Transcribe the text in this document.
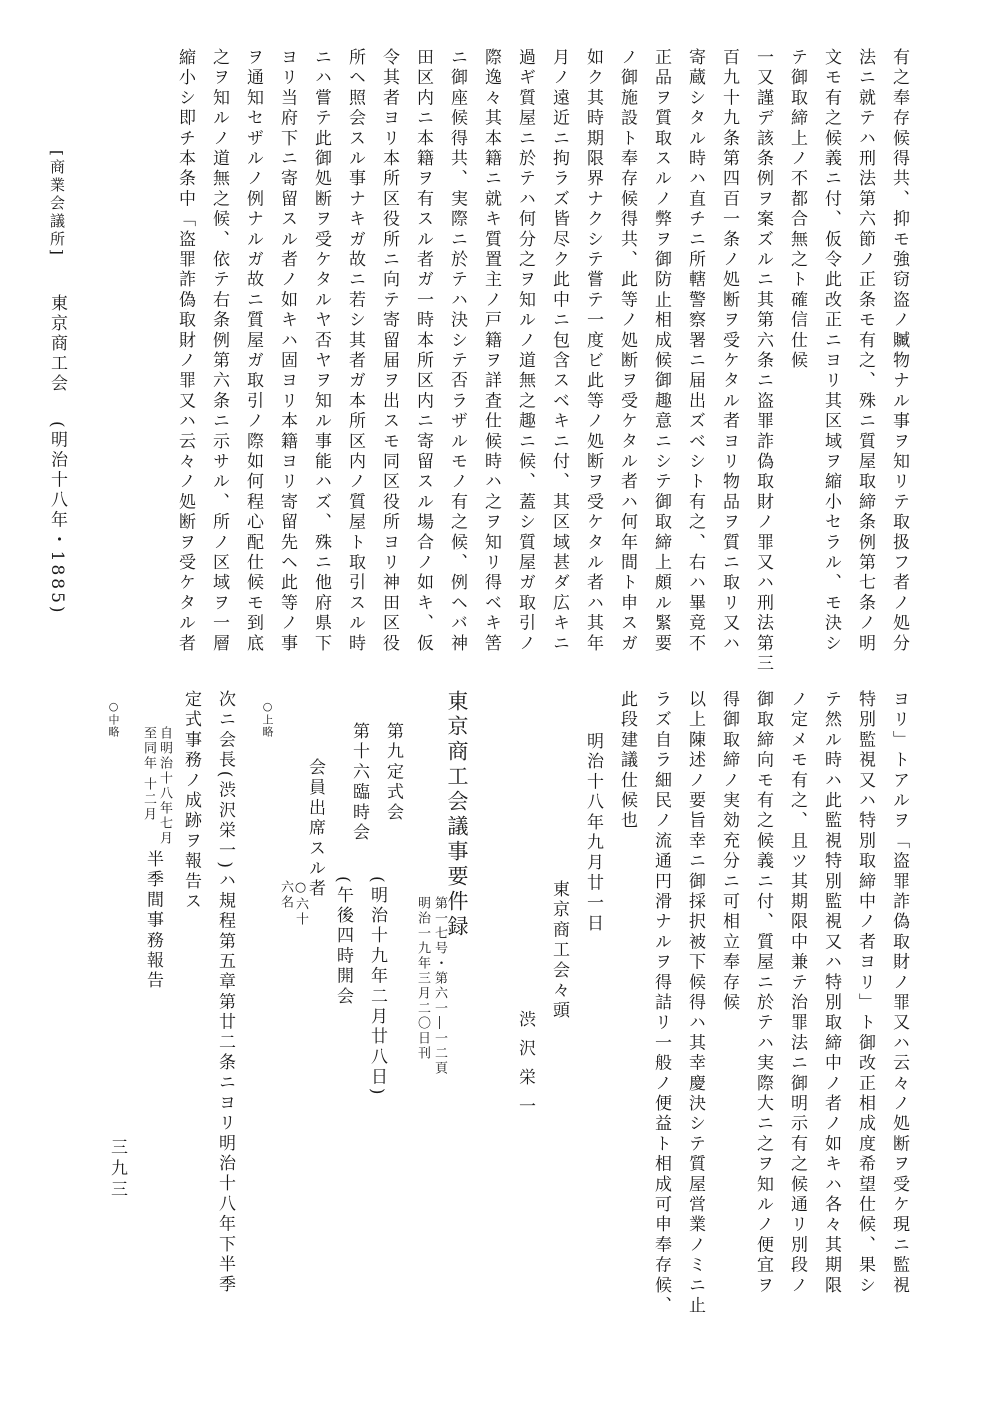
三九三
[商業会議所] 東京商工会 (明治十八年・1885)	有之奉存候得共、抑モ強窃盗ノ贓物ナル事ヲ知リテ取扱フ者ノ処分
法ニ就テハ刑法第六節ノ正条モ有之、殊ニ質屋取締条例第七条ノ明
文モ有之候義ニ付、仮令此改正ニヨリ其区域ヲ縮小セラル、モ決シ
テ御取締上ノ不都合無之ト確信仕候
一又謹デ該条例ヲ案ズルニ其第六条ニ盗罪詐偽取財ノ罪又ハ刑法第三
百九十九条第四百一条ノ処断ヲ受ケタル者ヨリ物品ヲ質ニ取リ又ハ
寄蔵シタル時ハ直チニ所轄警察署ニ届出ズベシト有之、右ハ畢竟不
正品ヲ質取スルノ弊ヲ御防止相成候御趣意ニシテ御取締上頗ル緊要
ノ御施設ト奉存候得共、此等ノ処断ヲ受ケタル者ハ何年間ト申スガ
如ク其時期限界ナクシテ嘗テ一度ビ此等ノ処断ヲ受ケタル者ハ其年
月ノ遠近ニ拘ラズ皆尽ク此中ニ包含スベキニ付、其区域甚ダ広キニ
過ギ質屋ニ於テハ何分之ヲ知ルノ道無之趣ニ候、蓋シ質屋ガ取引ノ
際逸々其本籍ニ就キ質置主ノ戸籍ヲ詳査仕候時ハ之ヲ知リ得ベキ筈
ニ御座候得共、実際ニ於テハ決シテ否ラザルモノ有之候、例ヘバ神
田区内ニ本籍ヲ有スル者ガ一時本所区内ニ寄留スル場合ノ如キ、仮
令其者ヨリ本所区役所ニ向テ寄留届ヲ出スモ同区役所ヨリ神田区役
所ヘ照会スル事ナキガ故ニ若シ其者ガ本所区内ノ質屋ト取引スル時
ニハ嘗テ此御処断ヲ受ケタルヤ否ヤヲ知ル事能ハズ、殊ニ他府県下
ヨリ当府下ニ寄留スル者ノ如キハ固ヨリ本籍ヨリ寄留先ヘ此等ノ事
ヲ通知セザルノ例ナルガ故ニ質屋ガ取引ノ際如何程心配仕候モ到底
之ヲ知ルノ道無之候、依テ右条例第六条ニ示サル、所ノ区域ヲ一層
縮小シ即チ本条中「盗罪詐偽取財ノ罪又ハ云々ノ処断ヲ受ケタル者
ヨリ」トアルヲ「盗罪詐偽取財ノ罪又ハ云々ノ処断ヲ受ケ現ニ監視
特別監視又ハ特別取締中ノ者ヨリ」ト御改正相成度希望仕候、果シ
テ然ル時ハ此監視特別監視又ハ特別取締中ノ者ノ如キハ各々其期限
ノ定メモ有之、且ツ其期限中兼テ治罪法ニ御明示有之候通リ別段ノ
御取締向モ有之候義ニ付、質屋ニ於テハ実際大ニ之ヲ知ルノ便宜ヲ
得御取締ノ実効充分ニ可相立奉存候
以上陳述ノ要旨幸ニ御採択被下候得ハ其幸慶決シテ質屋営業ノミニ止
ラズ自ラ細民ノ流通円滑ナルヲ得詰リ一般ノ便益ト相成可申奉存候、
此段建議仕候也
明治十八年九月廿一日
東京商工会々頭
渋沢栄一
東京商工会議事要件録
第一七号・第六一―一二頁
明治一九年三月二〇日刊
第九定式会
(明治十九年二月廿八日)
第十六臨時会
(午後四時開会
会員出席スル者
○六十
六名
○上略
次ニ会長(渋沢栄一)ハ規程第五章第廿二条ニヨリ明治十八年下半季
定式事務ノ成跡ヲ報告ス
自明治十八年七月
至同年 十二月
半季間事務報告
○中略
